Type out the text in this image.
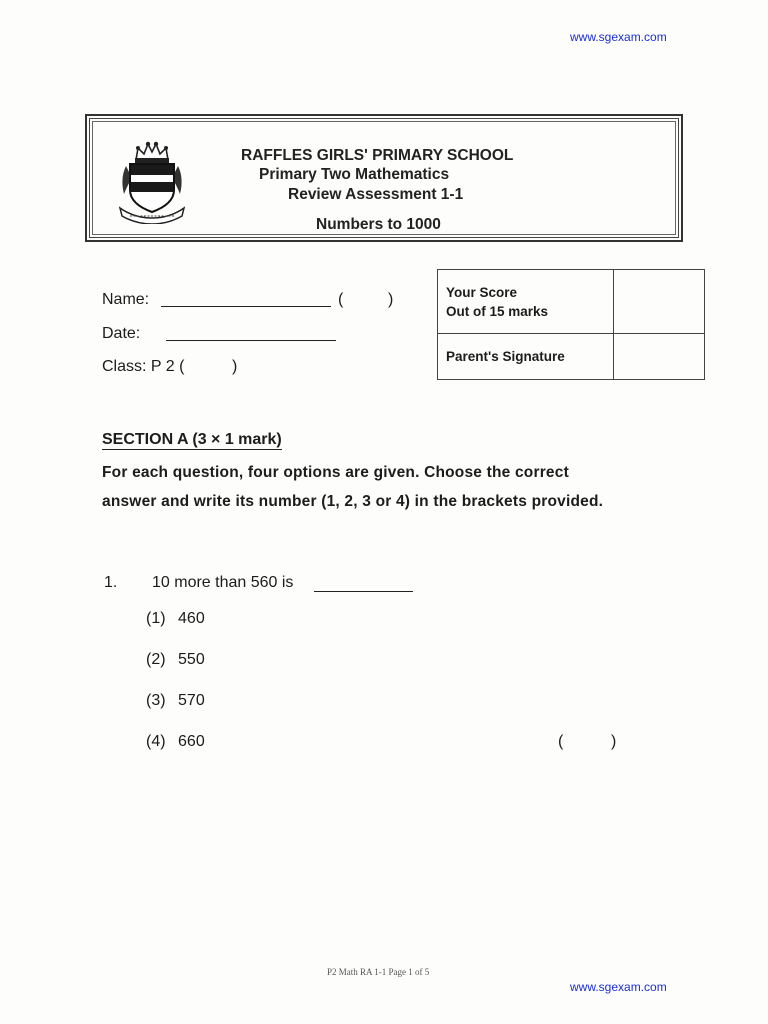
www.sgexam.com
RAFFLES GIRLS' PRIMARY SCHOOL
Primary Two Mathematics
Review Assessment 1-1
Numbers to 1000
Name:	(	)
Date:
Class: P 2 (	)
Your Score
Out of 15 marks	
Parent's Signature	
SECTION A (3 × 1 mark)
For each question, four options are given. Choose the correct
answer and write its number (1, 2, 3 or 4) in the brackets provided.
1. 10 more than 560 is
(1) 460
(2) 550
(3) 570
(4) 660	(	)
P2 Math RA 1-1 Page 1 of 5
www.sgexam.com
